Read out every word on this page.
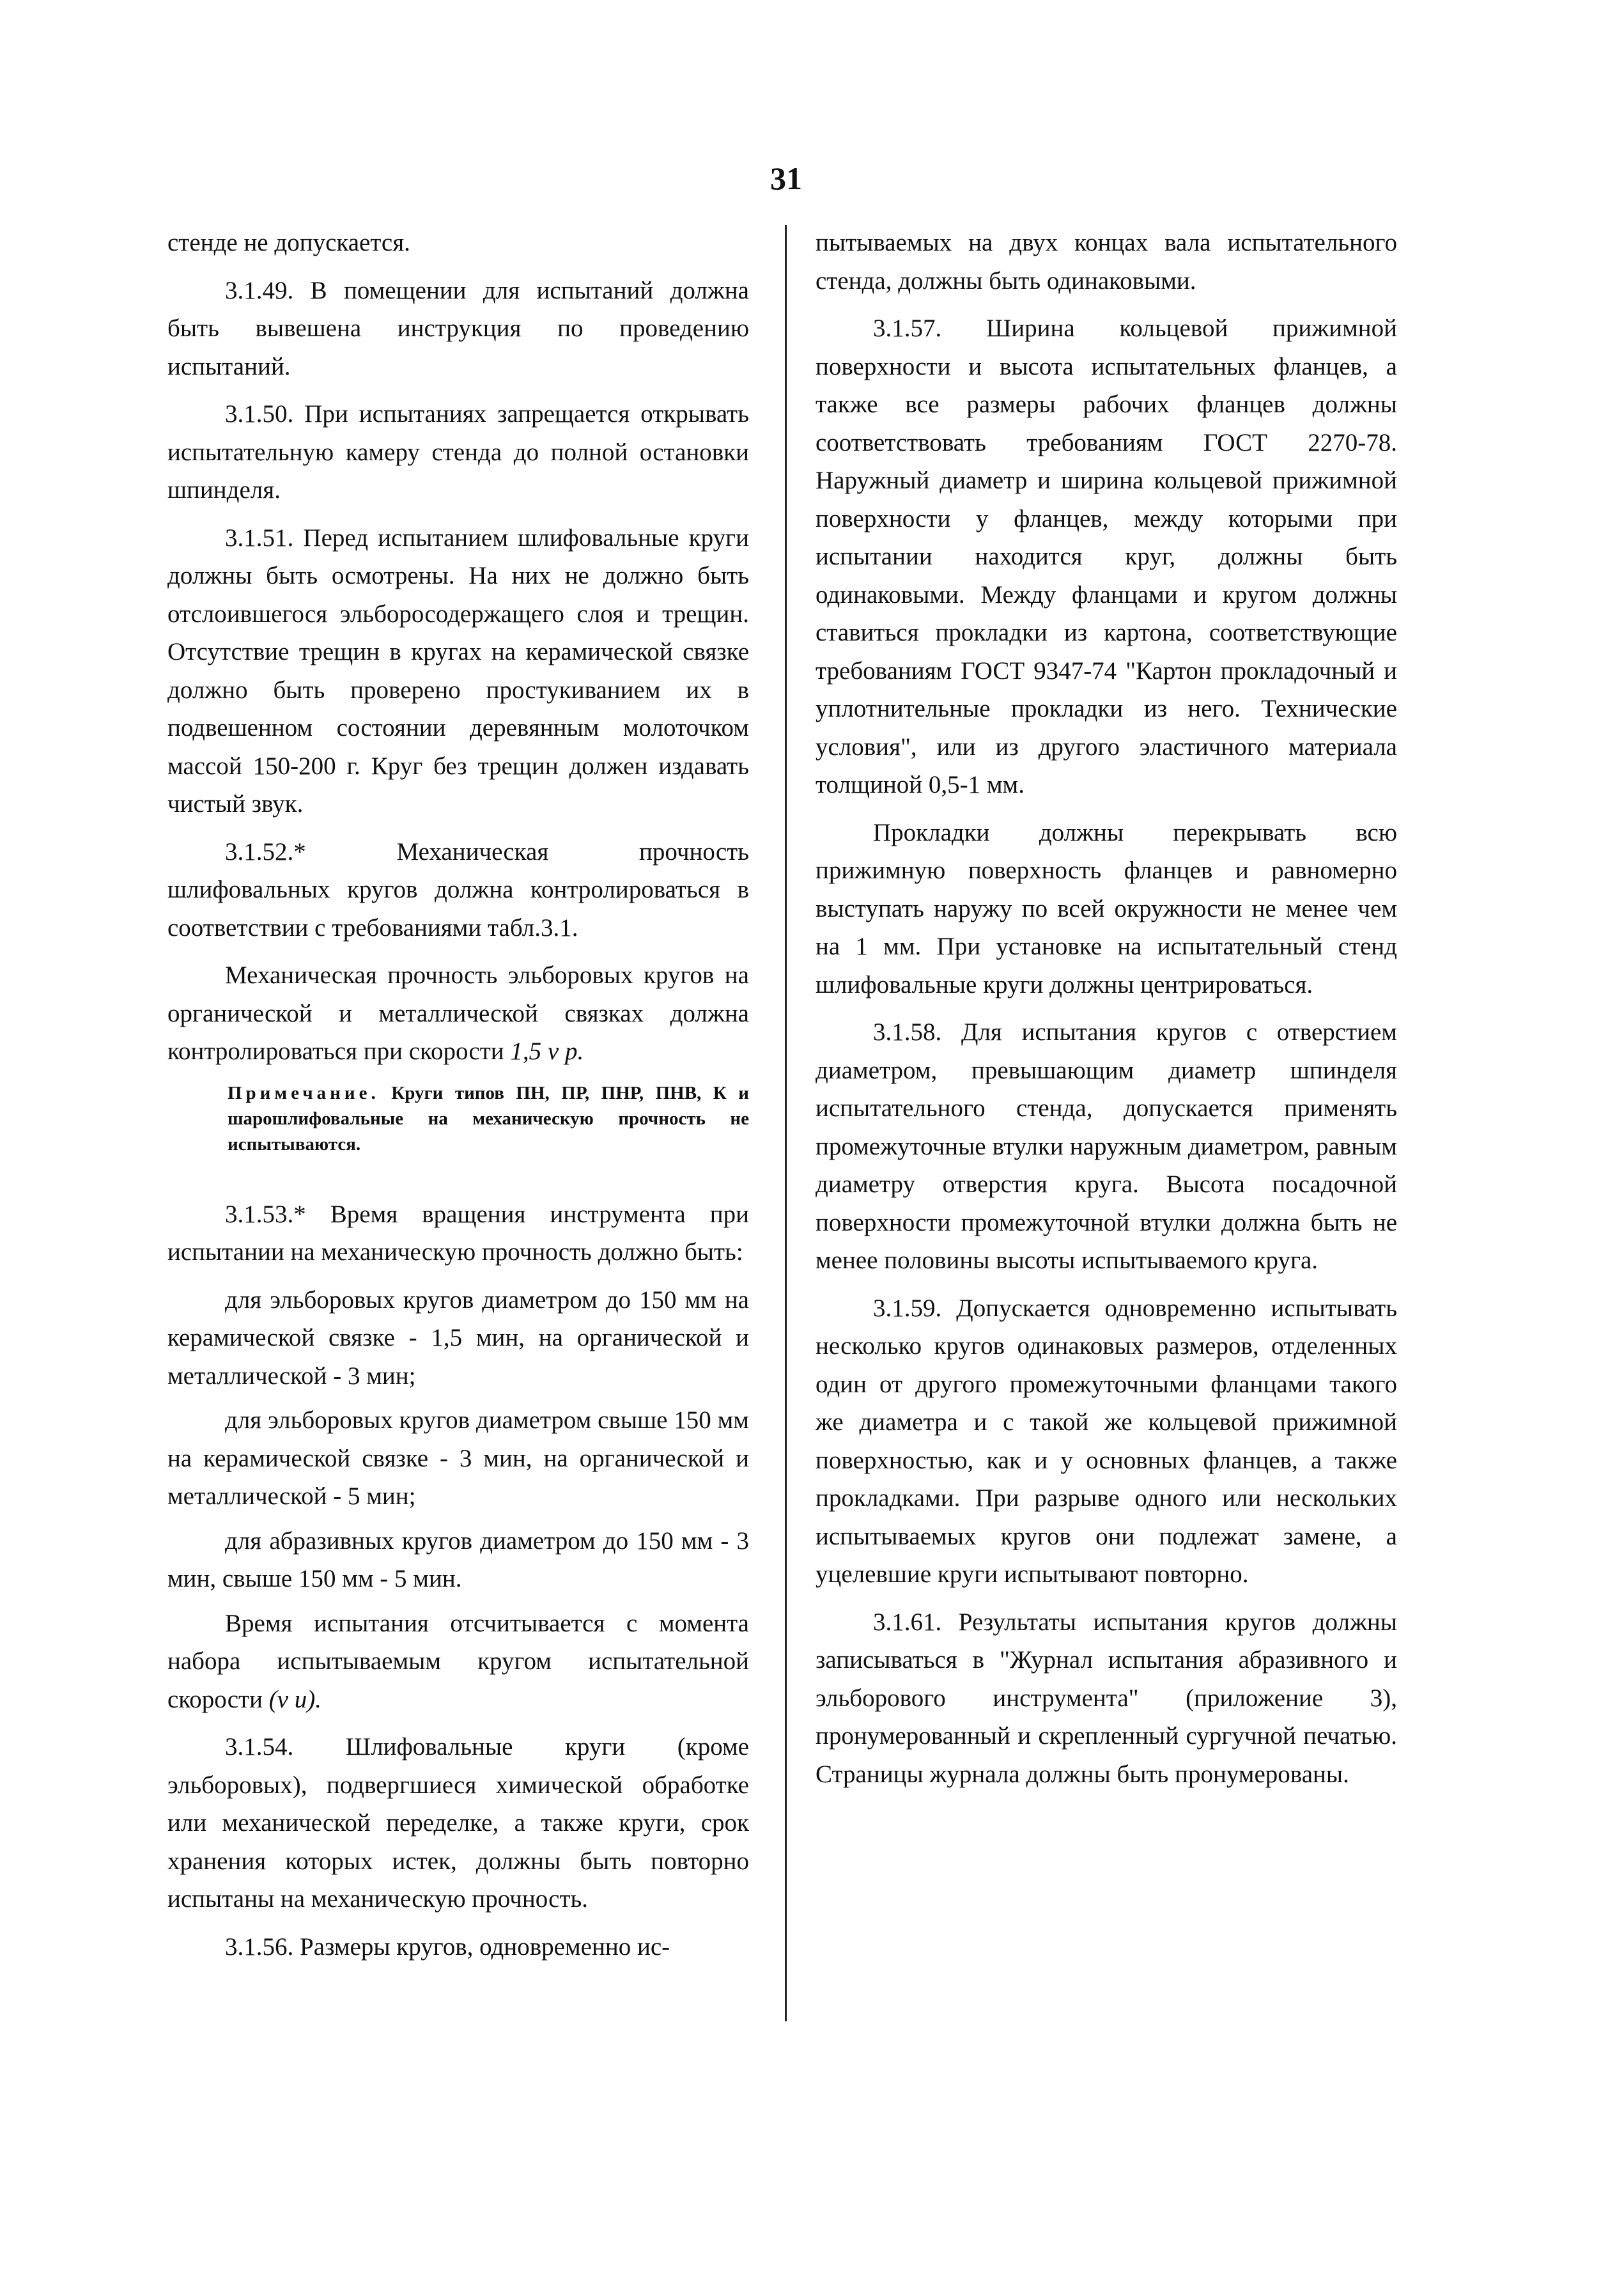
31

стенде не допускается.

3.1.49. В помещении для испытаний должна быть вывешена инструкция по проведению испытаний.

3.1.50. При испытаниях запрещается открывать испытательную камеру стенда до полной остановки шпинделя.

3.1.51. Перед испытанием шлифовальные круги должны быть осмотрены. На них не должно быть отслоившегося эльборосодержащего слоя и трещин. Отсутствие трещин в кругах на керамической связке должно быть проверено простукиванием их в подвешенном состоянии деревянным молоточком массой 150-200 г. Круг без трещин должен издавать чистый звук.

3.1.52.* Механическая прочность шлифовальных кругов должна контролироваться в соответствии с требованиями табл.3.1.

Механическая прочность эльборовых кругов на органической и металлической связках должна контролироваться при скорости 1,5 v р.

Примечание. Круги типов ПН, ПР, ПНР, ПНВ, К и шарошлифовальные на механическую прочность не испытываются.

3.1.53.* Время вращения инструмента при испытании на механическую прочность должно быть:

для эльборовых кругов диаметром до 150 мм на керамической связке - 1,5 мин, на органической и металлической - 3 мин;

для эльборовых кругов диаметром свыше 150 мм на керамической связке - 3 мин, на органической и металлической - 5 мин;

для абразивных кругов диаметром до 150 мм - 3 мин, свыше 150 мм - 5 мин.

Время испытания отсчитывается с момента набора испытываемым кругом испытательной скорости (v и).

3.1.54. Шлифовальные круги (кроме эльборовых), подвергшиеся химической обработке или механической переделке, а также круги, срок хранения которых истек, должны быть повторно испытаны на механическую прочность.

3.1.56. Размеры кругов, одновременно ис-

пытываемых на двух концах вала испытательного стенда, должны быть одинаковыми.

3.1.57. Ширина кольцевой прижимной поверхности и высота испытательных фланцев, а также все размеры рабочих фланцев должны соответствовать требованиям ГОСТ 2270-78. Наружный диаметр и ширина кольцевой прижимной поверхности у фланцев, между которыми при испытании находится круг, должны быть одинаковыми. Между фланцами и кругом должны ставиться прокладки из картона, соответствующие требованиям ГОСТ 9347-74 "Картон прокладочный и уплотнительные прокладки из него. Технические условия", или из другого эластичного материала толщиной 0,5-1 мм.

Прокладки должны перекрывать всю прижимную поверхность фланцев и равномерно выступать наружу по всей окружности не менее чем на 1 мм. При установке на испытательный стенд шлифовальные круги должны центрироваться.

3.1.58. Для испытания кругов с отверстием диаметром, превышающим диаметр шпинделя испытательного стенда, допускается применять промежуточные втулки наружным диаметром, равным диаметру отверстия круга. Высота посадочной поверхности промежуточной втулки должна быть не менее половины высоты испытываемого круга.

3.1.59. Допускается одновременно испытывать несколько кругов одинаковых размеров, отделенных один от другого промежуточными фланцами такого же диаметра и с такой же кольцевой прижимной поверхностью, как и у основных фланцев, а также прокладками. При разрыве одного или нескольких испытываемых кругов они подлежат замене, а уцелевшие круги испытывают повторно.

3.1.61. Результаты испытания кругов должны записываться в "Журнал испытания абразивного и эльборового инструмента" (приложение 3), пронумерованный и скрепленный сургучной печатью. Страницы журнала должны быть пронумерованы.
